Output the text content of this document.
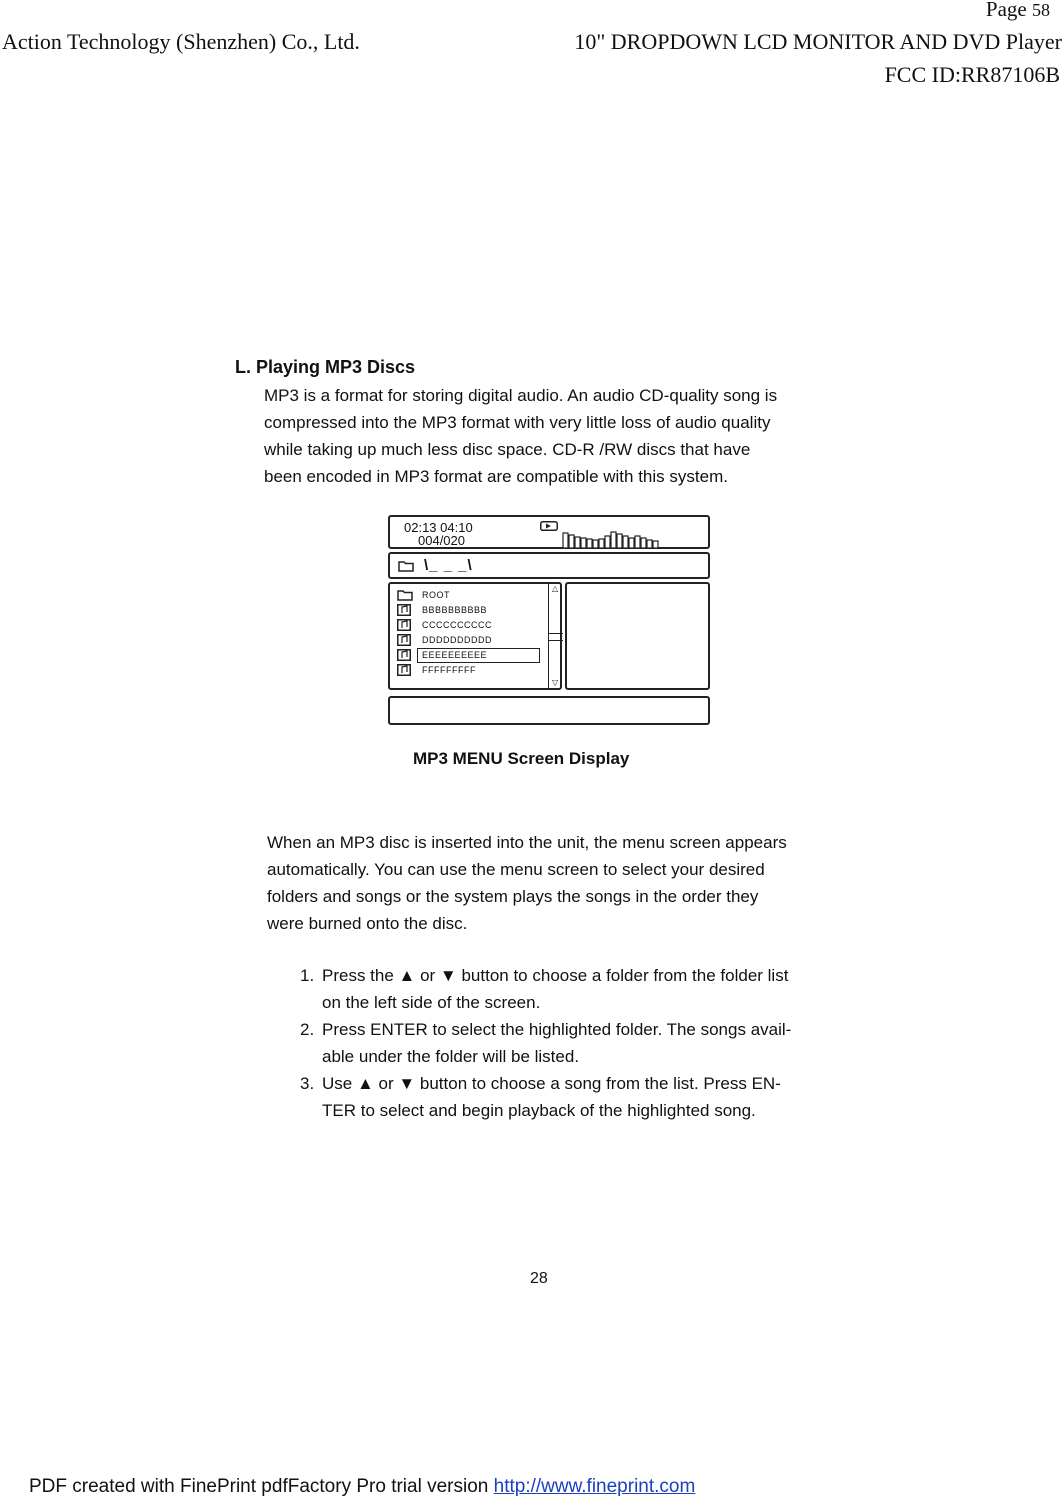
Page 58
Action Technology (Shenzhen) Co., Ltd.	10" DROPDOWN LCD MONITOR AND DVD Player
FCC ID:RR87106B
L. Playing MP3 Discs
MP3 is a format for storing digital audio. An audio CD-quality song is
compressed into the MP3 format with very little loss of audio quality
while taking up much less disc space. CD-R /RW discs that have
been encoded in MP3 format are compatible with this system.
02:13 04:10
004/020
\_ _ _\
ROOT
BBBBBBBBBB
CCCCCCCCCC
DDDDDDDDDD
EEEEEEEEEE
FFFFFFFFF
△
▽
MP3 MENU Screen Display
When an MP3 disc is inserted into the unit, the menu screen appears
automatically. You can use the menu screen to select your desired
folders and songs or the system plays the songs in the order they
were burned onto the disc.
1. Press the ▲ or ▼ button to choose a folder from the folder list
on the left side of the screen.
2. Press ENTER to select the highlighted folder. The songs avail-
able under the folder will be listed.
3. Use ▲ or ▼ button to choose a song from the list. Press EN-
TER to select and begin playback of the highlighted song.
28
PDF created with FinePrint pdfFactory Pro trial version http://www.fineprint.com
